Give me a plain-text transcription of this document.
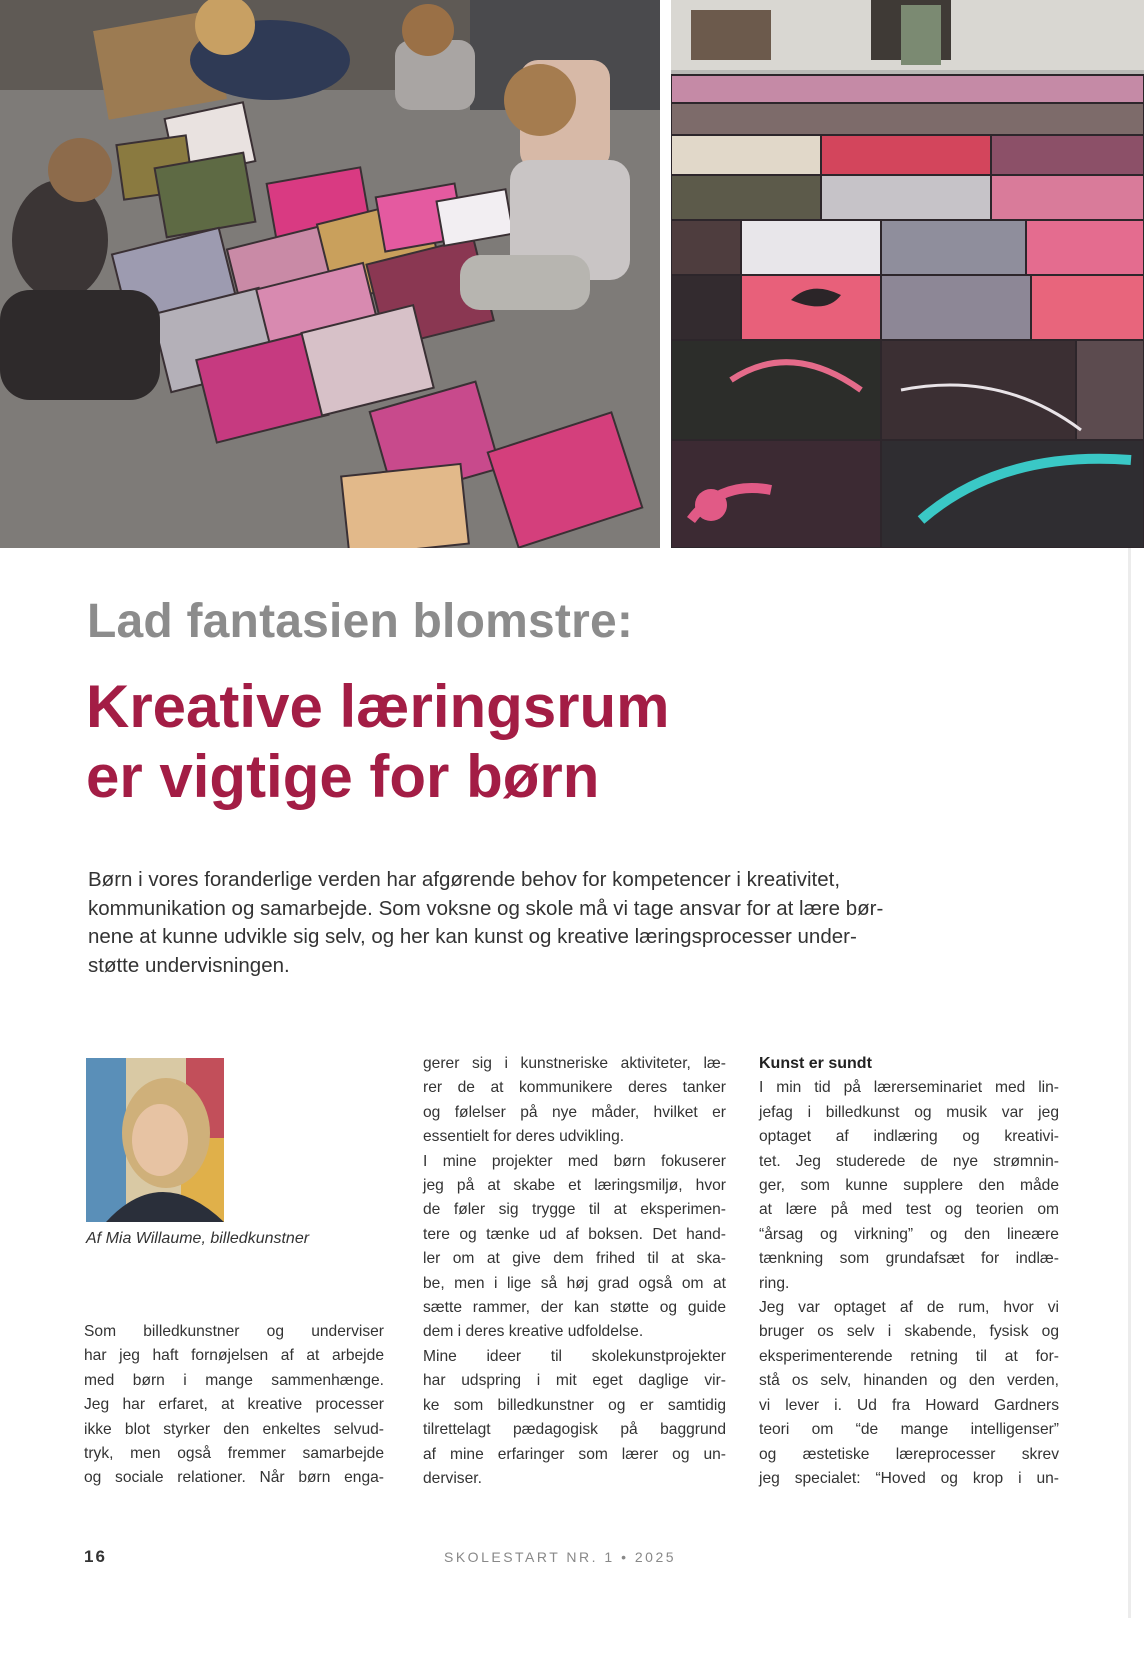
Lad fantasien blomstre:

Kreative læringsrum
er vigtige for børn
Børn i vores foranderlige verden har afgørende behov for kompetencer i kreativitet,
kommunikation og samarbejde. Som voksne og skole må vi tage ansvar for at lære bør-
nene at kunne udvikle sig selv, og her kan kunst og kreative læringsprocesser under-
støtte undervisningen.

Af Mia Willaume, billedkunstner

Som billedkunstner og underviser
har jeg haft fornøjelsen af at arbejde
med børn i mange sammenhænge.
Jeg har erfaret, at kreative processer
ikke blot styrker den enkeltes selvud-
tryk, men også fremmer samarbejde
og sociale relationer. Når børn enga-
gerer sig i kunstneriske aktiviteter, læ-
rer de at kommunikere deres tanker
og følelser på nye måder, hvilket er
essentielt for deres udvikling.
I mine projekter med børn fokuserer
jeg på at skabe et læringsmiljø, hvor
de føler sig trygge til at eksperimen-
tere og tænke ud af boksen. Det hand-
ler om at give dem frihed til at ska-
be, men i lige så høj grad også om at
sætte rammer, der kan støtte og guide
dem i deres kreative udfoldelse.
Mine ideer til skolekunstprojekter
har udspring i mit eget daglige vir-
ke som billedkunstner og er samtidig
tilrettelagt pædagogisk på baggrund
af mine erfaringer som lærer og un-
derviser.
Kunst er sundt
I min tid på lærerseminariet med lin-
jefag i billedkunst og musik var jeg
optaget af indlæring og kreativi-
tet. Jeg studerede de nye strømnin-
ger, som kunne supplere den måde
at lære på med test og teorien om
“årsag og virkning” og den lineære
tænkning som grundafsæt for indlæ-
ring.
Jeg var optaget af de rum, hvor vi
bruger os selv i skabende, fysisk og
eksperimenterende retning til at for-
stå os selv, hinanden og den verden,
vi lever i. Ud fra Howard Gardners
teori om “de mange intelligenser”
og æstetiske læreprocesser skrev
jeg specialet: “Hoved og krop i un-
16	SKOLESTART NR. 1 • 2025
